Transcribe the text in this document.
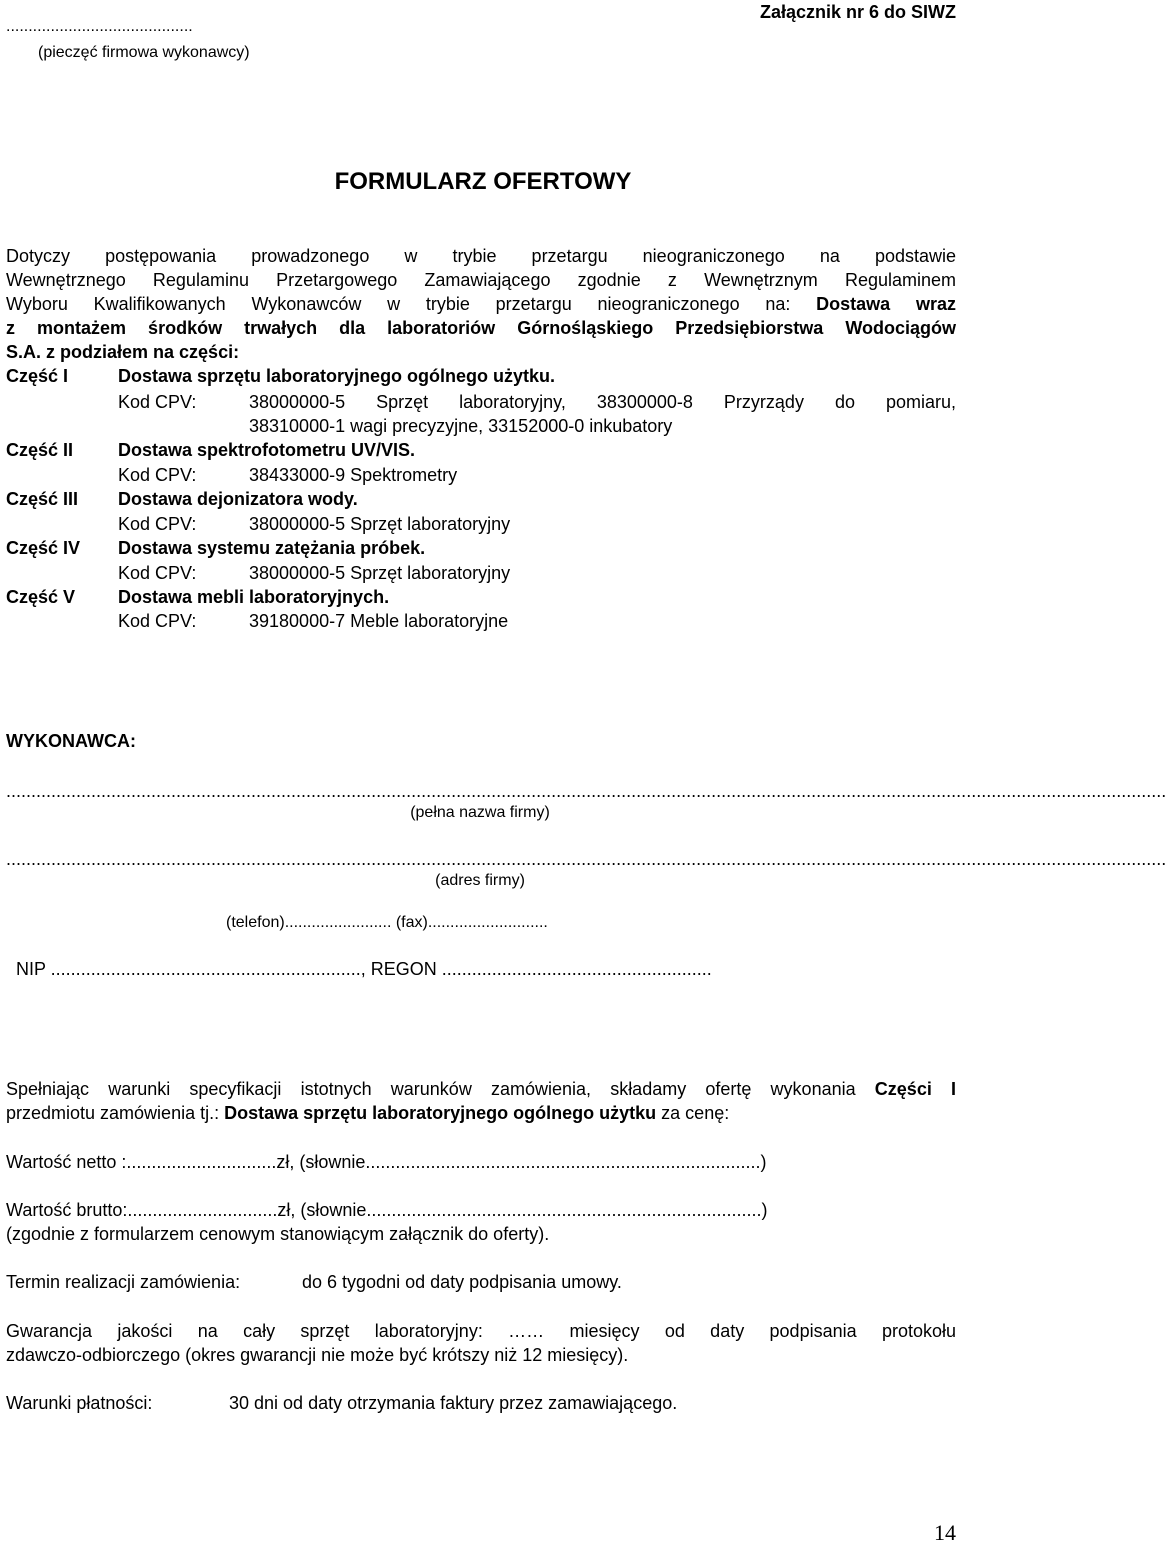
..........................................
(pieczęć firmowa wykonawcy)
Załącznik nr 6 do SIWZ
FORMULARZ OFERTOWY
Dotyczy postępowania prowadzonego w trybie przetargu nieograniczonego na podstawie
Wewnętrznego Regulaminu Przetargowego Zamawiającego zgodnie z Wewnętrznym Regulaminem
Wyboru Kwalifikowanych Wykonawców w trybie przetargu nieograniczonego na: Dostawa wraz
z montażem środków trwałych dla laboratoriów Górnośląskiego Przedsiębiorstwa Wodociągów
S.A. z podziałem na części:
Część I	Dostawa sprzętu laboratoryjnego ogólnego użytku.
Kod CPV:	38000000-5 Sprzęt laboratoryjny, 38300000-8 Przyrządy do pomiaru,
38310000-1 wagi precyzyjne, 33152000-0 inkubatory
Część II Dostawa spektrofotometru UV/VIS.
Kod CPV:	38433000-9 Spektrometry
Część III Dostawa dejonizatora wody.
Kod CPV:	38000000-5 Sprzęt laboratoryjny
Część IV Dostawa systemu zatężania próbek.
Kod CPV:	38000000-5 Sprzęt laboratoryjny
Część V Dostawa mebli laboratoryjnych.
Kod CPV:	39180000-7 Meble laboratoryjne
WYKONAWCA:
........................................................................................................................................................................................................................................
(pełna nazwa firmy)
........................................................................................................................................................................................................................................
(adres firmy)
(telefon)........................ (fax)...........................
NIP .............................................................., REGON ......................................................
Spełniając warunki specyfikacji istotnych warunków zamówienia, składamy ofertę wykonania Części I
przedmiotu zamówienia tj.: Dostawa sprzętu laboratoryjnego ogólnego użytku za cenę:
Wartość netto :..............................zł, (słownie...............................................................................)
Wartość brutto:..............................zł, (słownie...............................................................................)
(zgodnie z formularzem cenowym stanowiącym załącznik do oferty).
Termin realizacji zamówienia:	do 6 tygodni od daty podpisania umowy.
Gwarancja jakości na cały sprzęt laboratoryjny: …… miesięcy od daty podpisania protokołu
zdawczo-odbiorczego (okres gwarancji nie może być krótszy niż 12 miesięcy).
Warunki płatności:	30 dni od daty otrzymania faktury przez zamawiającego.
14
